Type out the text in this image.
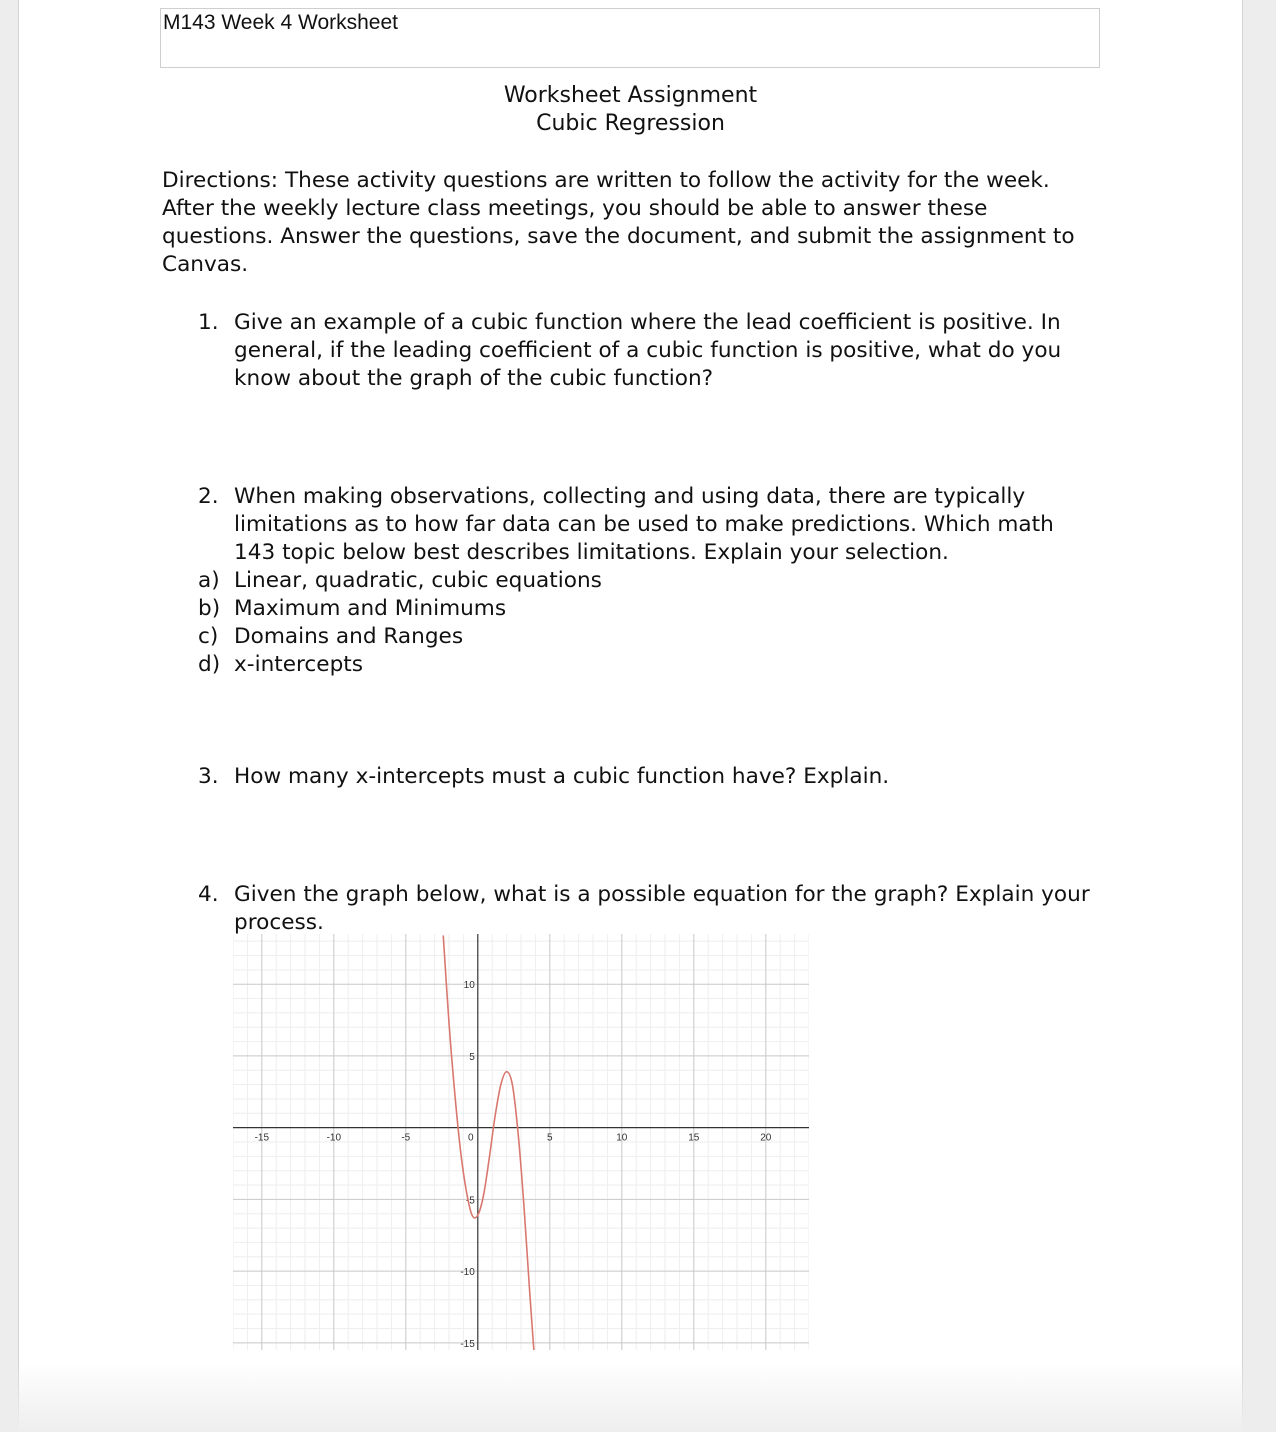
M143 Week 4 Worksheet
Worksheet Assignment
Cubic Regression
Directions: These activity questions are written to follow the activity for the week. After the weekly lecture class meetings, you should be able to answer these questions. Answer the questions, save the document, and submit the assignment to Canvas.
1. Give an example of a cubic function where the lead coefficient is positive. In general, if the leading coefficient of a cubic function is positive, what do you know about the graph of the cubic function?
2. When making observations, collecting and using data, there are typically limitations as to how far data can be used to make predictions. Which math 143 topic below best describes limitations. Explain your selection.
a) Linear, quadratic, cubic equations
b) Maximum and Minimums
c) Domains and Ranges
d) x-intercepts
3. How many x-intercepts must a cubic function have? Explain.
4. Given the graph below, what is a possible equation for the graph? Explain your process.
-15	-10	-5	0	5	10	15	20
10
5
-5
-10
-15
